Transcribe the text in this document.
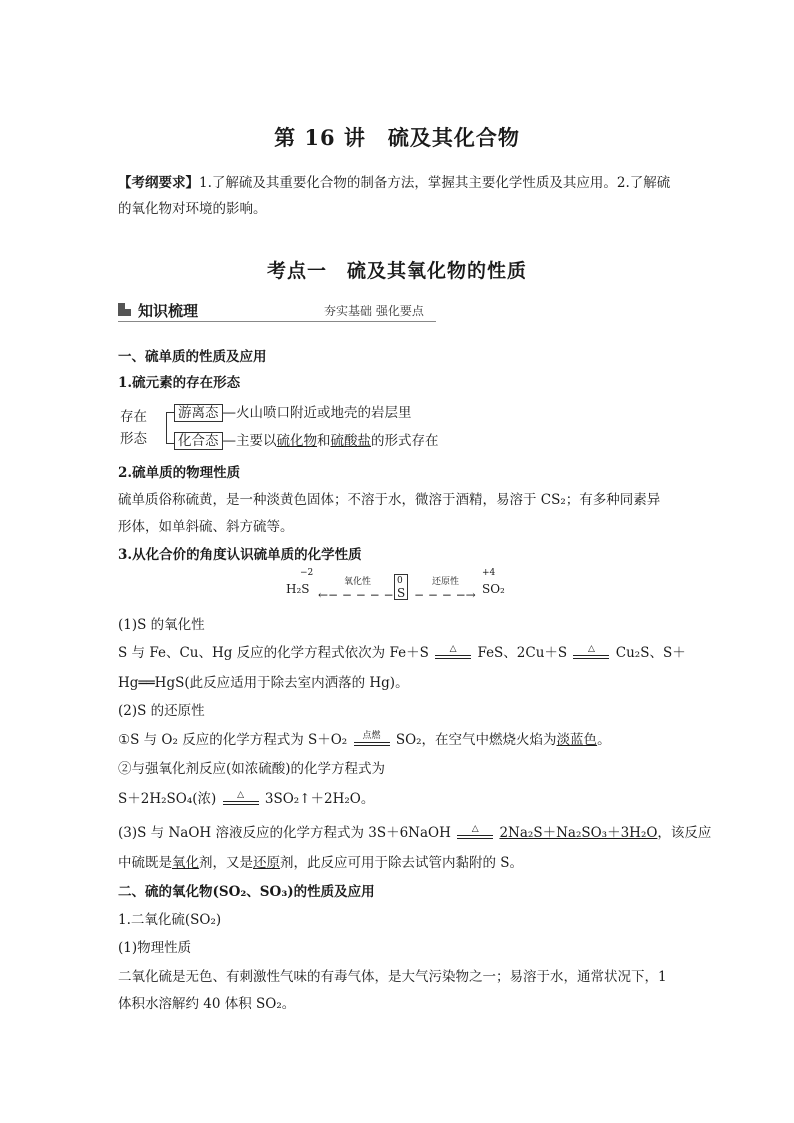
第 16 讲　硫及其化合物
【考纲要求】1.了解硫及其重要化合物的制备方法，掌握其主要化学性质及其应用。2.了解硫
的氧化物对环境的影响。
考点一　硫及其氧化物的性质
知识梳理	夯实基础 强化要点
一、硫单质的性质及应用
1.硫元素的存在形态
存在
形态
游离态 —火山喷口附近或地壳的岩层里
化合态 —主要以硫化物和硫酸盐的形式存在
2.硫单质的物理性质
硫单质俗称硫黄，是一种淡黄色固体；不溶于水，微溶于酒精，易溶于 CS₂；有多种同素异
形体，如单斜硫、斜方硫等。
3.从化合价的角度认识硫单质的化学性质
H₂S
−2
←− − − − −
氧化性	0
S − − − −→
还原性 SO₂
+4
(1)S 的氧化性
S 与 Fe、Cu、Hg 反应的化学方程式依次为 Fe＋S	△	FeS、2Cu＋S	△	Cu₂S、S＋
Hg══HgS(此反应适用于除去室内洒落的 Hg)。
(2)S 的还原性
①S 与 O₂ 反应的化学方程式为 S＋O₂	点燃	SO₂，在空气中燃烧火焰为淡蓝色。
②与强氧化剂反应(如浓硫酸)的化学方程式为
S＋2H₂SO₄(浓)	△	3SO₂↑＋2H₂O。
(3)S 与 NaOH 溶液反应的化学方程式为 3S＋6NaOH	△	2Na₂S＋Na₂SO₃＋3H₂O，该反应
中硫既是氧化剂，又是还原剂，此反应可用于除去试管内黏附的 S。
二、硫的氧化物(SO₂、SO₃)的性质及应用
1.二氧化硫(SO₂)
(1)物理性质
二氧化硫是无色、有刺激性气味的有毒气体，是大气污染物之一；易溶于水，通常状况下，1
体积水溶解约 40 体积 SO₂。
